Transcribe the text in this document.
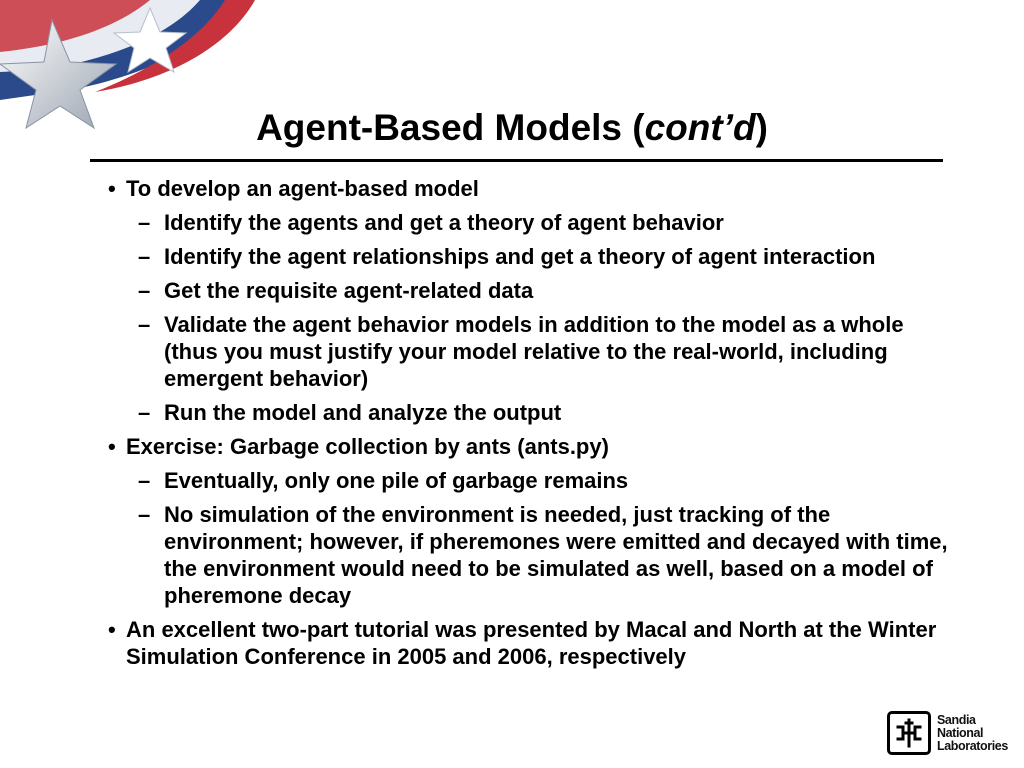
Agent-Based Models (cont’d)
• To develop an agent-based model
– Identify the agents and get a theory of agent behavior
– Identify the agent relationships and get a theory of agent interaction
– Get the requisite agent-related data
– Validate the agent behavior models in addition to the model as a whole (thus you must justify your model relative to the real-world, including emergent behavior)
– Run the model and analyze the output
• Exercise: Garbage collection by ants (ants.py)
– Eventually, only one pile of garbage remains
– No simulation of the environment is needed, just tracking of the environment; however, if pheremones were emitted and decayed with time, the environment would need to be simulated as well, based on a model of pheremone decay
• An excellent two-part tutorial was presented by Macal and North at the Winter Simulation Conference in 2005 and 2006, respectively
Sandia
National
Laboratories
